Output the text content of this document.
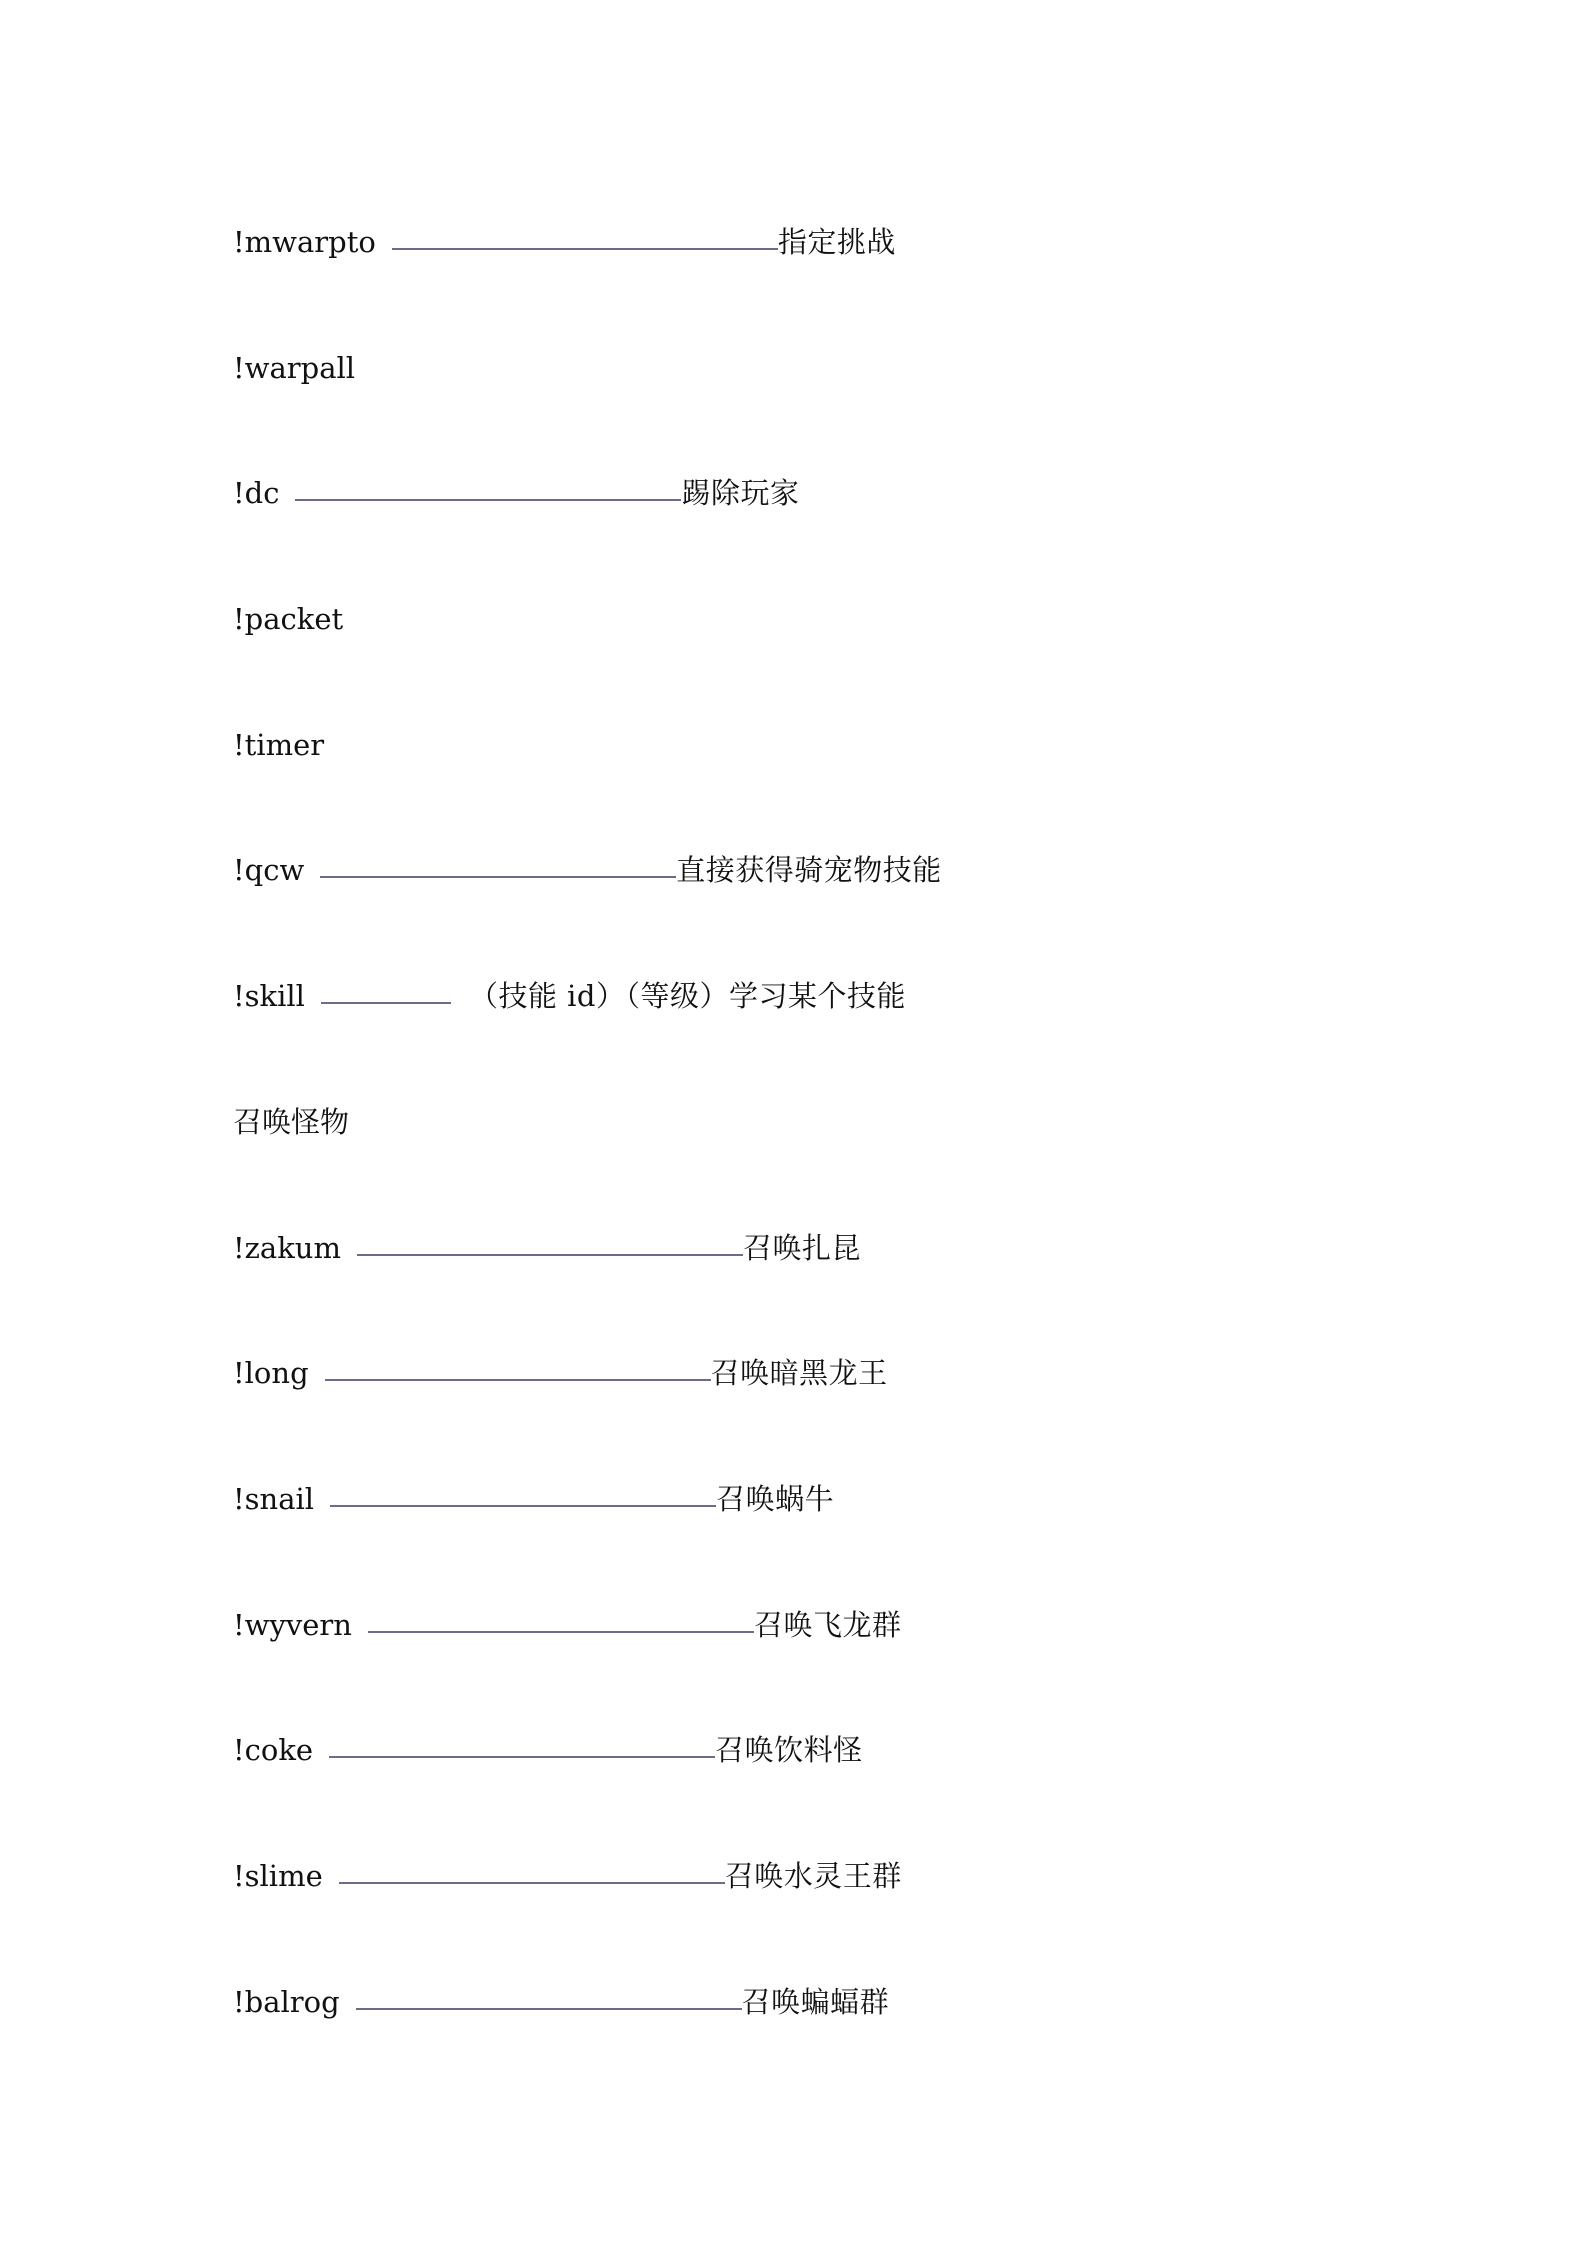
!mwarpto	指定挑战
!warpall
!dc	踢除玩家
!packet
!timer
!qcw	直接获得骑宠物技能
!skill	（技能 id）（等级）学习某个技能
召唤怪物
!zakum	召唤扎昆
!long	召唤暗黑龙王
!snail	召唤蜗牛
!wyvern	召唤飞龙群
!coke	召唤饮料怪
!slime	召唤水灵王群
!balrog	召唤蝙蝠群
